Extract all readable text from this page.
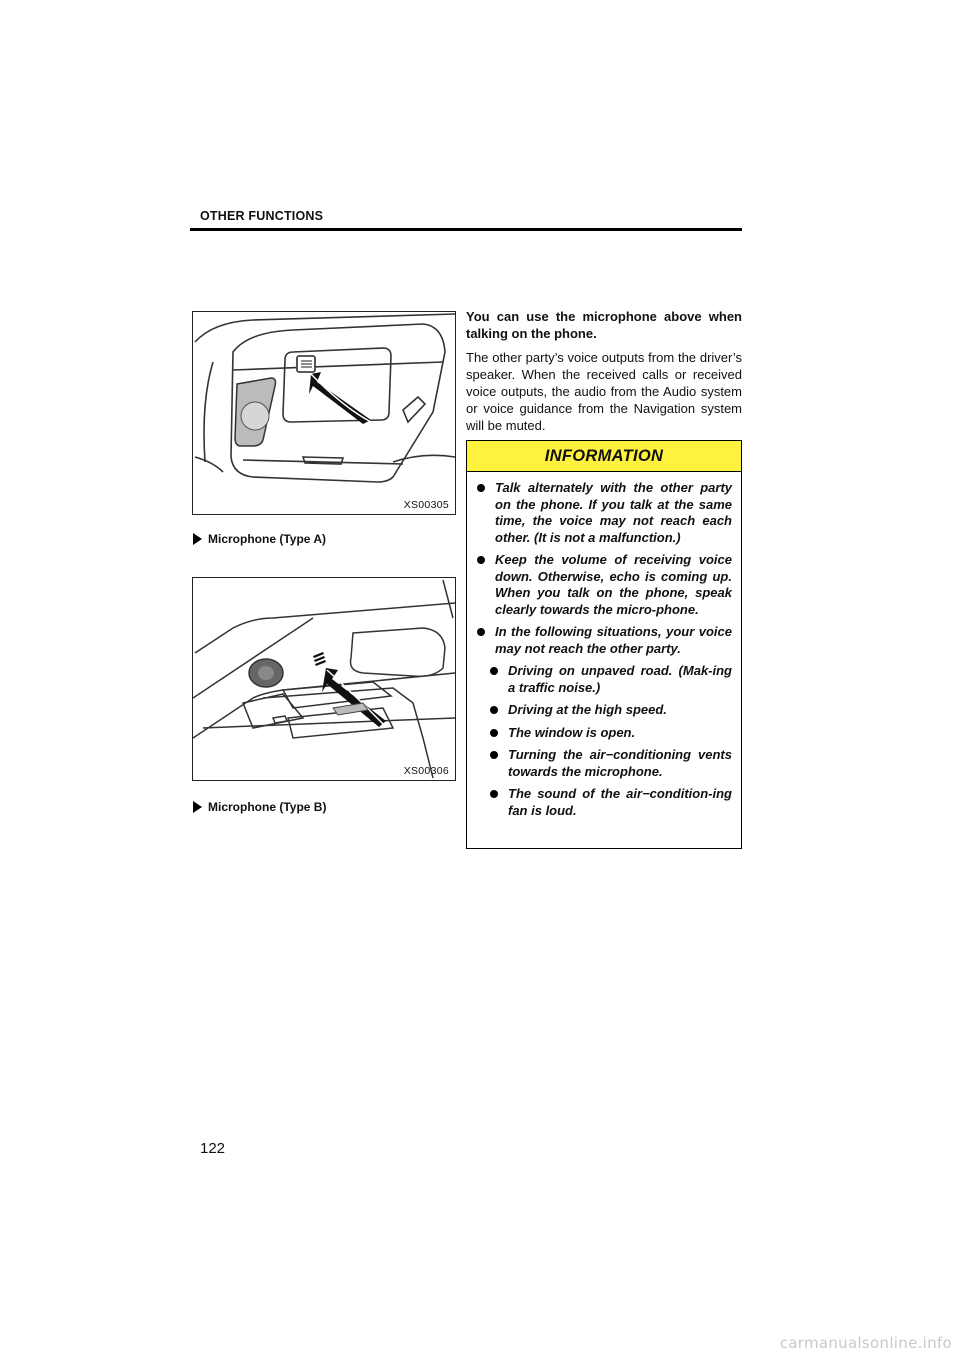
OTHER FUNCTIONS
XS00305
Microphone (Type A)
XS00306
Microphone (Type B)

You can use the microphone above when talking on the phone.

The other party’s voice outputs from the driver’s speaker. When the received calls or received voice outputs, the audio from the Audio system or voice guidance from the Navigation system will be muted.

INFORMATION
Talk alternately with the other party on the phone. If you talk at the same time, the voice may not reach each other. (It is not a malfunction.)
Keep the volume of receiving voice down. Otherwise, echo is coming up. When you talk on the phone, speak clearly towards the micro-phone.
In the following situations, your voice may not reach the other party.
Driving on unpaved road. (Mak-ing a traffic noise.)
Driving at the high speed.
The window is open.
Turning the air−conditioning vents towards the microphone.
The sound of the air−condition-ing fan is loud.
122
carmanualsonline.info
